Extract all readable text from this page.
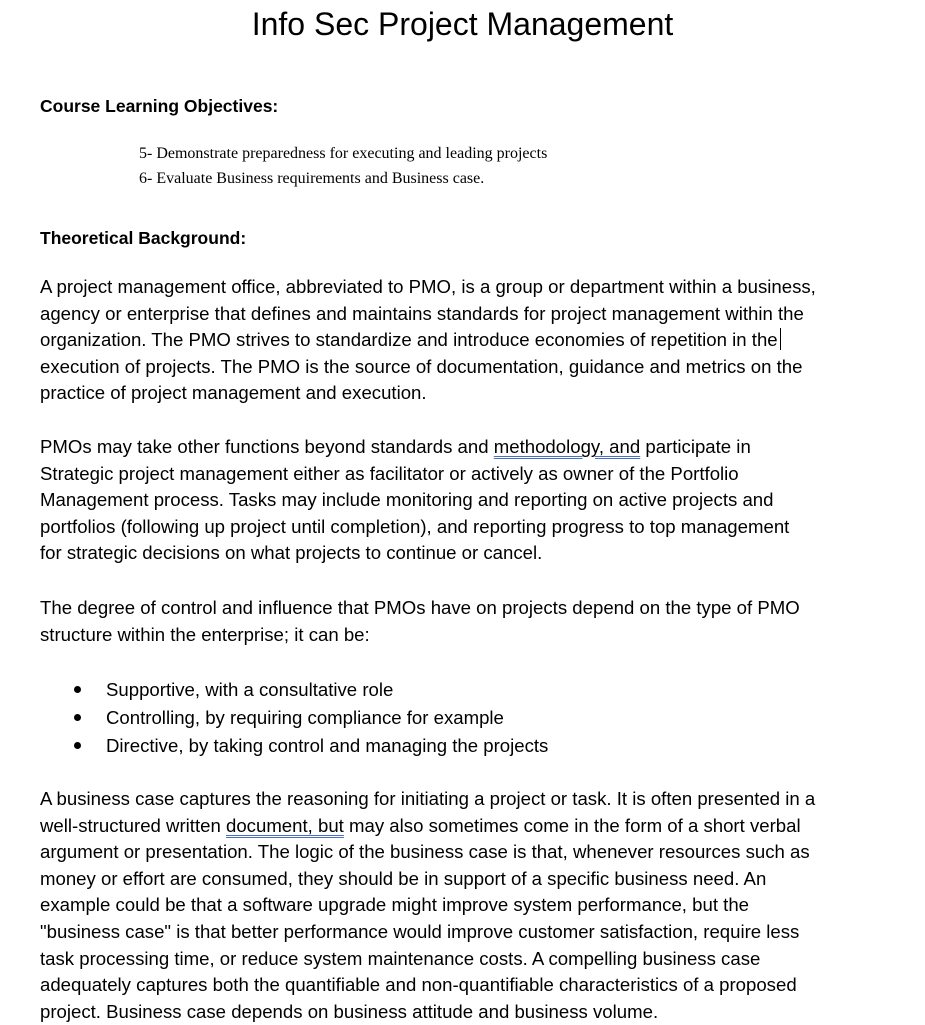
Info Sec Project Management
Course Learning Objectives:
5- Demonstrate preparedness for executing and leading projects
6- Evaluate Business requirements and Business case.
Theoretical Background:

A project management office, abbreviated to PMO, is a group or department within a business,
agency or enterprise that defines and maintains standards for project management within the
organization. The PMO strives to standardize and introduce economies of repetition in the
execution of projects. The PMO is the source of documentation, guidance and metrics on the
practice of project management and execution.

PMOs may take other functions beyond standards and methodology, and participate in
Strategic project management either as facilitator or actively as owner of the Portfolio
Management process. Tasks may include monitoring and reporting on active projects and
portfolios (following up project until completion), and reporting progress to top management
for strategic decisions on what projects to continue or cancel.

The degree of control and influence that PMOs have on projects depend on the type of PMO
structure within the enterprise; it can be:

Supportive, with a consultative role
Controlling, by requiring compliance for example
Directive, by taking control and managing the projects

A business case captures the reasoning for initiating a project or task. It is often presented in a
well-structured written document, but may also sometimes come in the form of a short verbal
argument or presentation. The logic of the business case is that, whenever resources such as
money or effort are consumed, they should be in support of a specific business need. An
example could be that a software upgrade might improve system performance, but the
"business case" is that better performance would improve customer satisfaction, require less
task processing time, or reduce system maintenance costs. A compelling business case
adequately captures both the quantifiable and non-quantifiable characteristics of a proposed
project. Business case depends on business attitude and business volume.
